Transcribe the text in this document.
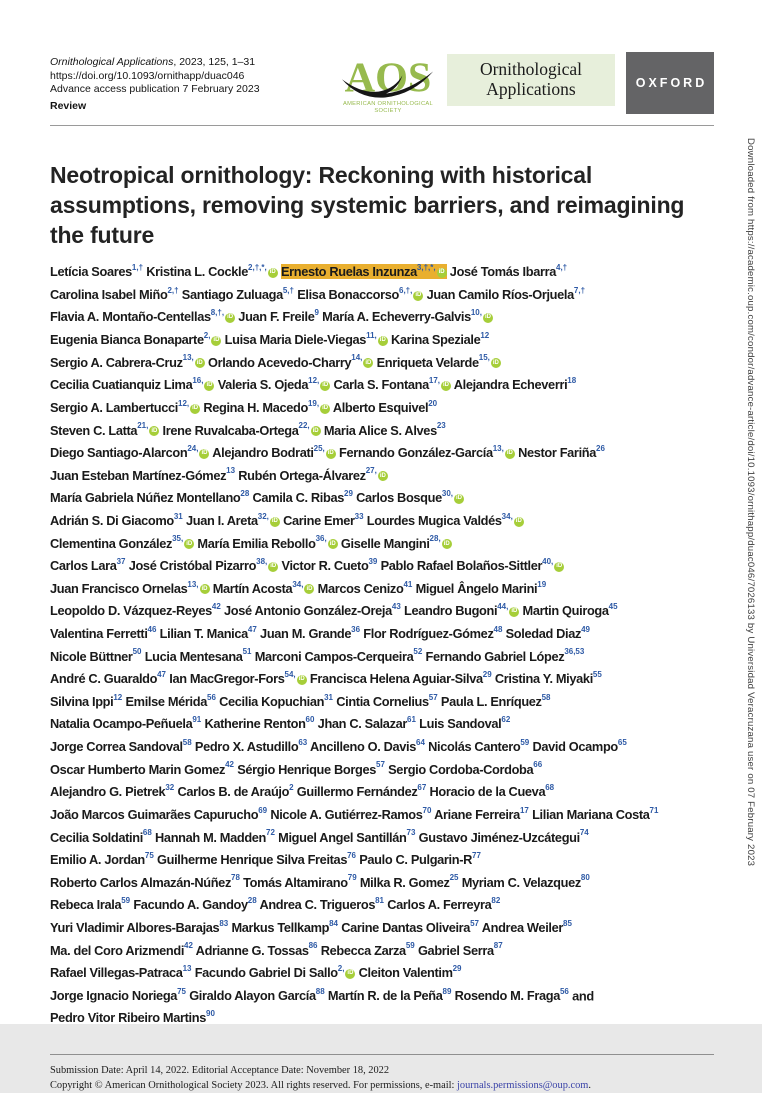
Ornithological Applications, 2023, 125, 1–31
https://doi.org/10.1093/ornithapp/duac046
Advance access publication 7 February 2023
Review
AOS
AMERICAN ORNITHOLOGICAL
SOCIETY
Ornithological
Applications	OXFORD
Neotropical ornithology: Reckoning with historical
assumptions, removing systemic barriers, and reimagining
the future
Letícia Soares$^{1,\dagger}$ Kristina L. Cockle$^{2,\dagger,*,}$iD Ernesto Ruelas Inzunza$^{3,\dagger,*,}$iD José Tomás Ibarra$^{4,\dagger}$
Carolina Isabel Miño$^{2,\dagger}$ Santiago Zuluaga$^{5,\dagger}$ Elisa Bonaccorso$^{6,\dagger,}$iD Juan Camilo Ríos-Orjuela$^{7,\dagger}$
Flavia A. Montaño-Centellas$^{8,\dagger,}$iD Juan F. Freile$^9$ María A. Echeverry-Galvis$^{10,}$iD
Eugenia Bianca Bonaparte$^{2,}$iD Luisa Maria Diele-Viegas$^{11,}$iD Karina Speziale$^{12}$
Sergio A. Cabrera-Cruz$^{13,}$iD Orlando Acevedo-Charry$^{14,}$iD Enriqueta Velarde$^{15,}$iD
Cecilia Cuatianquiz Lima$^{16,}$iD Valeria S. Ojeda$^{12,}$iD Carla S. Fontana$^{17,}$iD Alejandra Echeverri$^{18}$
Sergio A. Lambertucci$^{12,}$iD Regina H. Macedo$^{19,}$iD Alberto Esquivel$^{20}$
Steven C. Latta$^{21,}$iD Irene Ruvalcaba-Ortega$^{22,}$iD Maria Alice S. Alves$^{23}$
Diego Santiago-Alarcon$^{24,}$iD Alejandro Bodrati$^{25,}$iD Fernando González-García$^{13,}$iD Nestor Fariña$^{26}$
Juan Esteban Martínez-Gómez$^{13}$ Rubén Ortega-Álvarez$^{27,}$iD
María Gabriela Núñez Montellano$^{28}$ Camila C. Ribas$^{29}$ Carlos Bosque$^{30,}$iD
Adrián S. Di Giacomo$^{31}$ Juan I. Areta$^{32,}$iD Carine Emer$^{33}$ Lourdes Mugica Valdés$^{34,}$iD
Clementina González$^{35,}$iD María Emilia Rebollo$^{36,}$iD Giselle Mangini$^{28,}$iD
Carlos Lara$^{37}$ José Cristóbal Pizarro$^{38,}$iD Victor R. Cueto$^{39}$ Pablo Rafael Bolaños-Sittler$^{40,}$iD
Juan Francisco Ornelas$^{13,}$iD Martín Acosta$^{34,}$iD Marcos Cenizo$^{41}$ Miguel Ângelo Marini$^{19}$
Leopoldo D. Vázquez-Reyes$^{42}$ José Antonio González-Oreja$^{43}$ Leandro Bugoni$^{44,}$iD Martin Quiroga$^{45}$
Valentina Ferretti$^{46}$ Lilian T. Manica$^{47}$ Juan M. Grande$^{36}$ Flor Rodríguez-Gómez$^{48}$ Soledad Diaz$^{49}$
Nicole Büttner$^{50}$ Lucia Mentesana$^{51}$ Marconi Campos-Cerqueira$^{52}$ Fernando Gabriel López$^{36,53}$
André C. Guaraldo$^{47}$ Ian MacGregor-Fors$^{54,}$iD Francisca Helena Aguiar-Silva$^{29}$ Cristina Y. Miyaki$^{55}$
Silvina Ippi$^{12}$ Emilse Mérida$^{56}$ Cecilia Kopuchian$^{31}$ Cintia Cornelius$^{57}$ Paula L. Enríquez$^{58}$
Natalia Ocampo-Peñuela$^{91}$ Katherine Renton$^{60}$ Jhan C. Salazar$^{61}$ Luis Sandoval$^{62}$
Jorge Correa Sandoval$^{58}$ Pedro X. Astudillo$^{63}$ Ancilleno O. Davis$^{64}$ Nicolás Cantero$^{59}$ David Ocampo$^{65}$
Oscar Humberto Marin Gomez$^{42}$ Sérgio Henrique Borges$^{57}$ Sergio Cordoba-Cordoba$^{66}$
Alejandro G. Pietrek$^{32}$ Carlos B. de Araújo$^2$ Guillermo Fernández$^{67}$ Horacio de la Cueva$^{68}$
João Marcos Guimarães Capurucho$^{69}$ Nicole A. Gutiérrez-Ramos$^{70}$ Ariane Ferreira$^{17}$ Lilian Mariana Costa$^{71}$
Cecilia Soldatini$^{68}$ Hannah M. Madden$^{72}$ Miguel Angel Santillán$^{73}$ Gustavo Jiménez-Uzcátegui$^{74}$
Emilio A. Jordan$^{75}$ Guilherme Henrique Silva Freitas$^{76}$ Paulo C. Pulgarin-R$^{77}$
Roberto Carlos Almazán-Núñez$^{78}$ Tomás Altamirano$^{79}$ Milka R. Gomez$^{25}$ Myriam C. Velazquez$^{80}$
Rebeca Irala$^{59}$ Facundo A. Gandoy$^{28}$ Andrea C. Trigueros$^{81}$ Carlos A. Ferreyra$^{82}$
Yuri Vladimir Albores-Barajas$^{83}$ Markus Tellkamp$^{84}$ Carine Dantas Oliveira$^{57}$ Andrea Weiler$^{85}$
Ma. del Coro Arizmendi$^{42}$ Adrianne G. Tossas$^{86}$ Rebecca Zarza$^{59}$ Gabriel Serra$^{87}$
Rafael Villegas-Patraca$^{13}$ Facundo Gabriel Di Sallo$^{2,}$iD Cleiton Valentim$^{29}$
Jorge Ignacio Noriega$^{75}$ Giraldo Alayon García$^{88}$ Martín R. de la Peña$^{89}$ Rosendo M. Fraga$^{56}$ and
Pedro Vitor Ribeiro Martins$^{90}$
Submission Date: April 14, 2022. Editorial Acceptance Date: November 18, 2022
Copyright © American Ornithological Society 2023. All rights reserved. For permissions, e-mail: journals.permissions@oup.com.
Downloaded from https://academic.oup.com/condor/advance-article/doi/10.1093/ornithapp/duac046/7026133 by Universidad Veracruzana user on 07 February 2023
